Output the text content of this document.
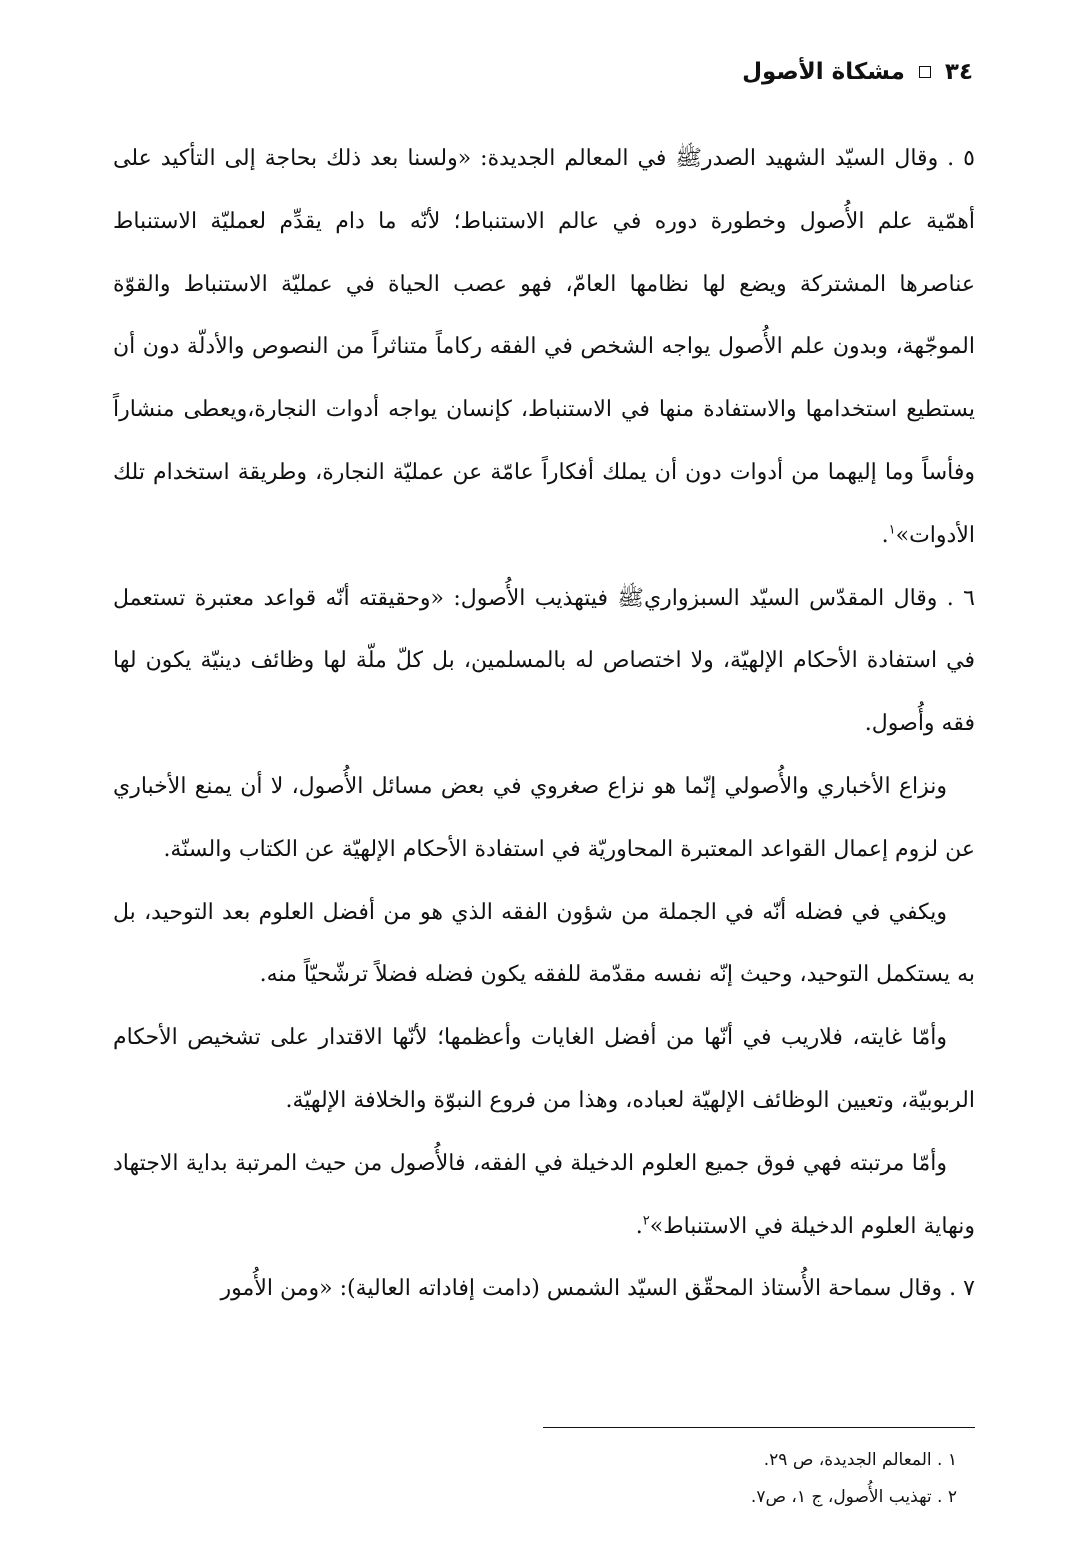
٣٤
مشكاة الأصول

٥ . وقال السيّد الشهيد الصدرﷺ في المعالم الجديدة: «ولسنا بعد ذلك بحاجة إلى التأكيد على أهمّية علم الأُصول وخطورة دوره في عالم الاستنباط؛ لأنّه ما دام يقدِّم لعمليّة الاستنباط عناصرها المشتركة ويضع لها نظامها العامّ، فهو عصب الحياة في عمليّة الاستنباط والقوّة الموجّهة، وبدون علم الأُصول يواجه الشخص في الفقه ركاماً متناثراً من النصوص والأدلّة دون أن يستطيع استخدامها والاستفادة منها في الاستنباط، كإنسان يواجه أدوات النجارة،ويعطى منشاراً وفأساً وما إليهما من أدوات دون أن يملك أفكاراً عامّة عن عمليّة النجارة، وطريقة استخدام تلك الأدوات»$^١$.

٦ . وقال المقدّس السيّد السبزواريﷺ فيتهذيب الأُصول: «وحقيقته أنّه قواعد معتبرة تستعمل في استفادة الأحكام الإلهيّة، ولا اختصاص له بالمسلمين، بل كلّ ملّة لها وظائف دينيّة يكون لها فقه وأُصول.

ونزاع الأخباري والأُصولي إنّما هو نزاع صغروي في بعض مسائل الأُصول، لا أن يمنع الأخباري عن لزوم إعمال القواعد المعتبرة المحاوريّة في استفادة الأحكام الإلهيّة عن الكتاب والسنّة.

ويكفي في فضله أنّه في الجملة من شؤون الفقه الذي هو من أفضل العلوم بعد التوحيد، بل به يستكمل التوحيد، وحيث إنّه نفسه مقدّمة للفقه يكون فضله فضلاً ترشّحيّاً منه.

وأمّا غايته، فلاريب في أنّها من أفضل الغايات وأعظمها؛ لأنّها الاقتدار على تشخيص الأحكام الربوبيّة، وتعيين الوظائف الإلهيّة لعباده، وهذا من فروع النبوّة والخلافة الإلهيّة.

وأمّا مرتبته فهي فوق جميع العلوم الدخيلة في الفقه، فالأُصول من حيث المرتبة بداية الاجتهاد ونهاية العلوم الدخيلة في الاستنباط»$^٢$.

٧ . وقال سماحة الأُستاذ المحقّق السيّد الشمس (دامت إفاداته العالية): «ومن الأُمور

١ . المعالم الجديدة، ص ٢٩.
٢ . تهذيب الأُصول، ج ١، ص٧.
